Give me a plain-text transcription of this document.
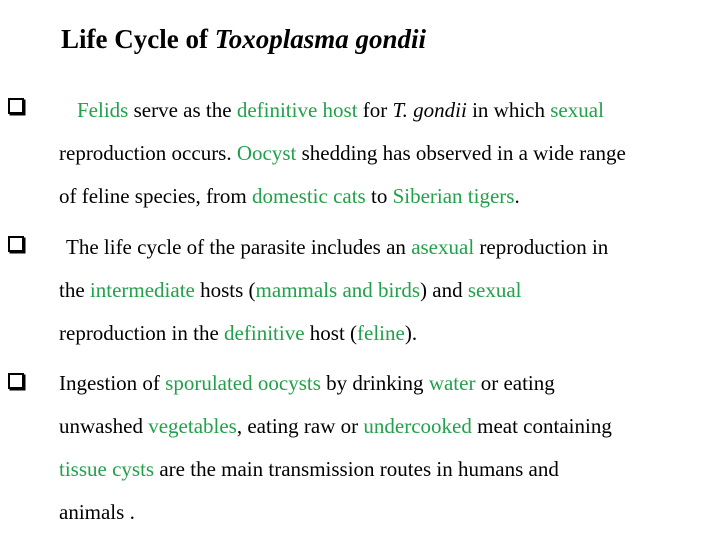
Life Cycle of Toxoplasma gondii
Felids serve as the definitive host for T. gondii in which sexual
reproduction occurs. Oocyst shedding has observed in a wide range
of feline species, from domestic cats to Siberian tigers.
The life cycle of the parasite includes an asexual reproduction in
the intermediate hosts (mammals and birds) and sexual
reproduction in the definitive host (feline).
Ingestion of sporulated oocysts by drinking water or eating
unwashed vegetables, eating raw or undercooked meat containing
tissue cysts are the main transmission routes in humans and
animals .
